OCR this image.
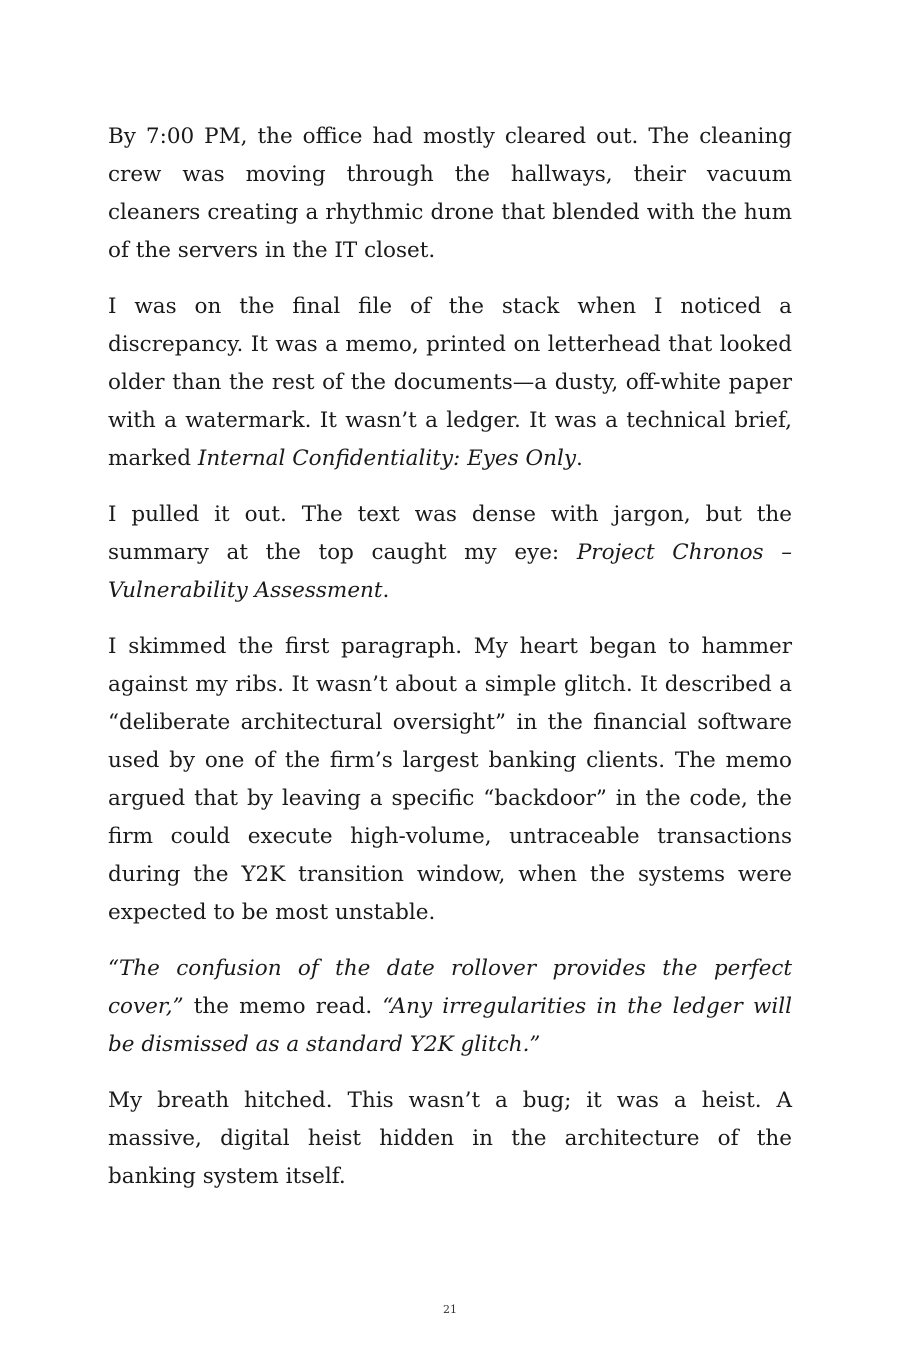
By 7:00 PM, the office had mostly cleared out. The cleaning crew was moving through the hallways, their vacuum cleaners creating a rhythmic drone that blended with the hum of the servers in the IT closet.

I was on the final file of the stack when I noticed a discrepancy. It was a memo, printed on letterhead that looked older than the rest of the documents—a dusty, off-white paper with a watermark. It wasn’t a ledger. It was a technical brief, marked Internal Confidentiality: Eyes Only.

I pulled it out. The text was dense with jargon, but the summary at the top caught my eye: Project Chronos – Vulnerability Assessment.

I skimmed the first paragraph. My heart began to hammer against my ribs. It wasn’t about a simple glitch. It described a “deliberate architectural oversight” in the financial software used by one of the firm’s largest banking clients. The memo argued that by leaving a specific “backdoor” in the code, the firm could execute high-volume, untraceable transactions during the Y2K transition window, when the systems were expected to be most unstable.

“The confusion of the date rollover provides the perfect cover,” the memo read. “Any irregularities in the ledger will be dismissed as a standard Y2K glitch.”

My breath hitched. This wasn’t a bug; it was a heist. A massive, digital heist hidden in the architecture of the banking system itself.

21
